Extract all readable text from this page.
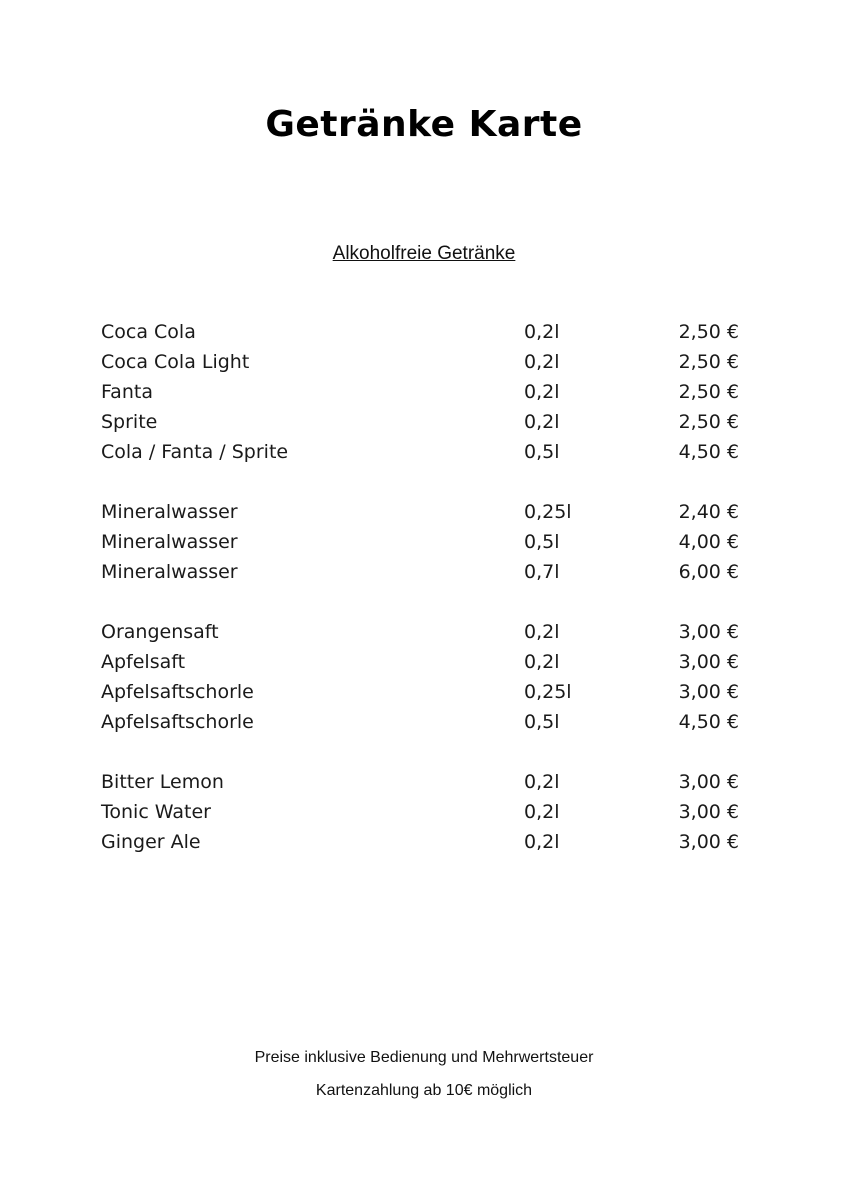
Getränke Karte
Alkoholfreie Getränke
Coca Cola	0,2l	2,50 €
Coca Cola Light	0,2l	2,50 €
Fanta	0,2l	2,50 €
Sprite	0,2l	2,50 €
Cola / Fanta / Sprite	0,5l	4,50 €
Mineralwasser	0,25l	2,40 €
Mineralwasser	0,5l	4,00 €
Mineralwasser	0,7l	6,00 €
Orangensaft	0,2l	3,00 €
Apfelsaft	0,2l	3,00 €
Apfelsaftschorle	0,25l	3,00 €
Apfelsaftschorle	0,5l	4,50 €
Bitter Lemon	0,2l	3,00 €
Tonic Water	0,2l	3,00 €
Ginger Ale	0,2l	3,00 €
Preise inklusive Bedienung und Mehrwertsteuer
Kartenzahlung ab 10€ möglich
